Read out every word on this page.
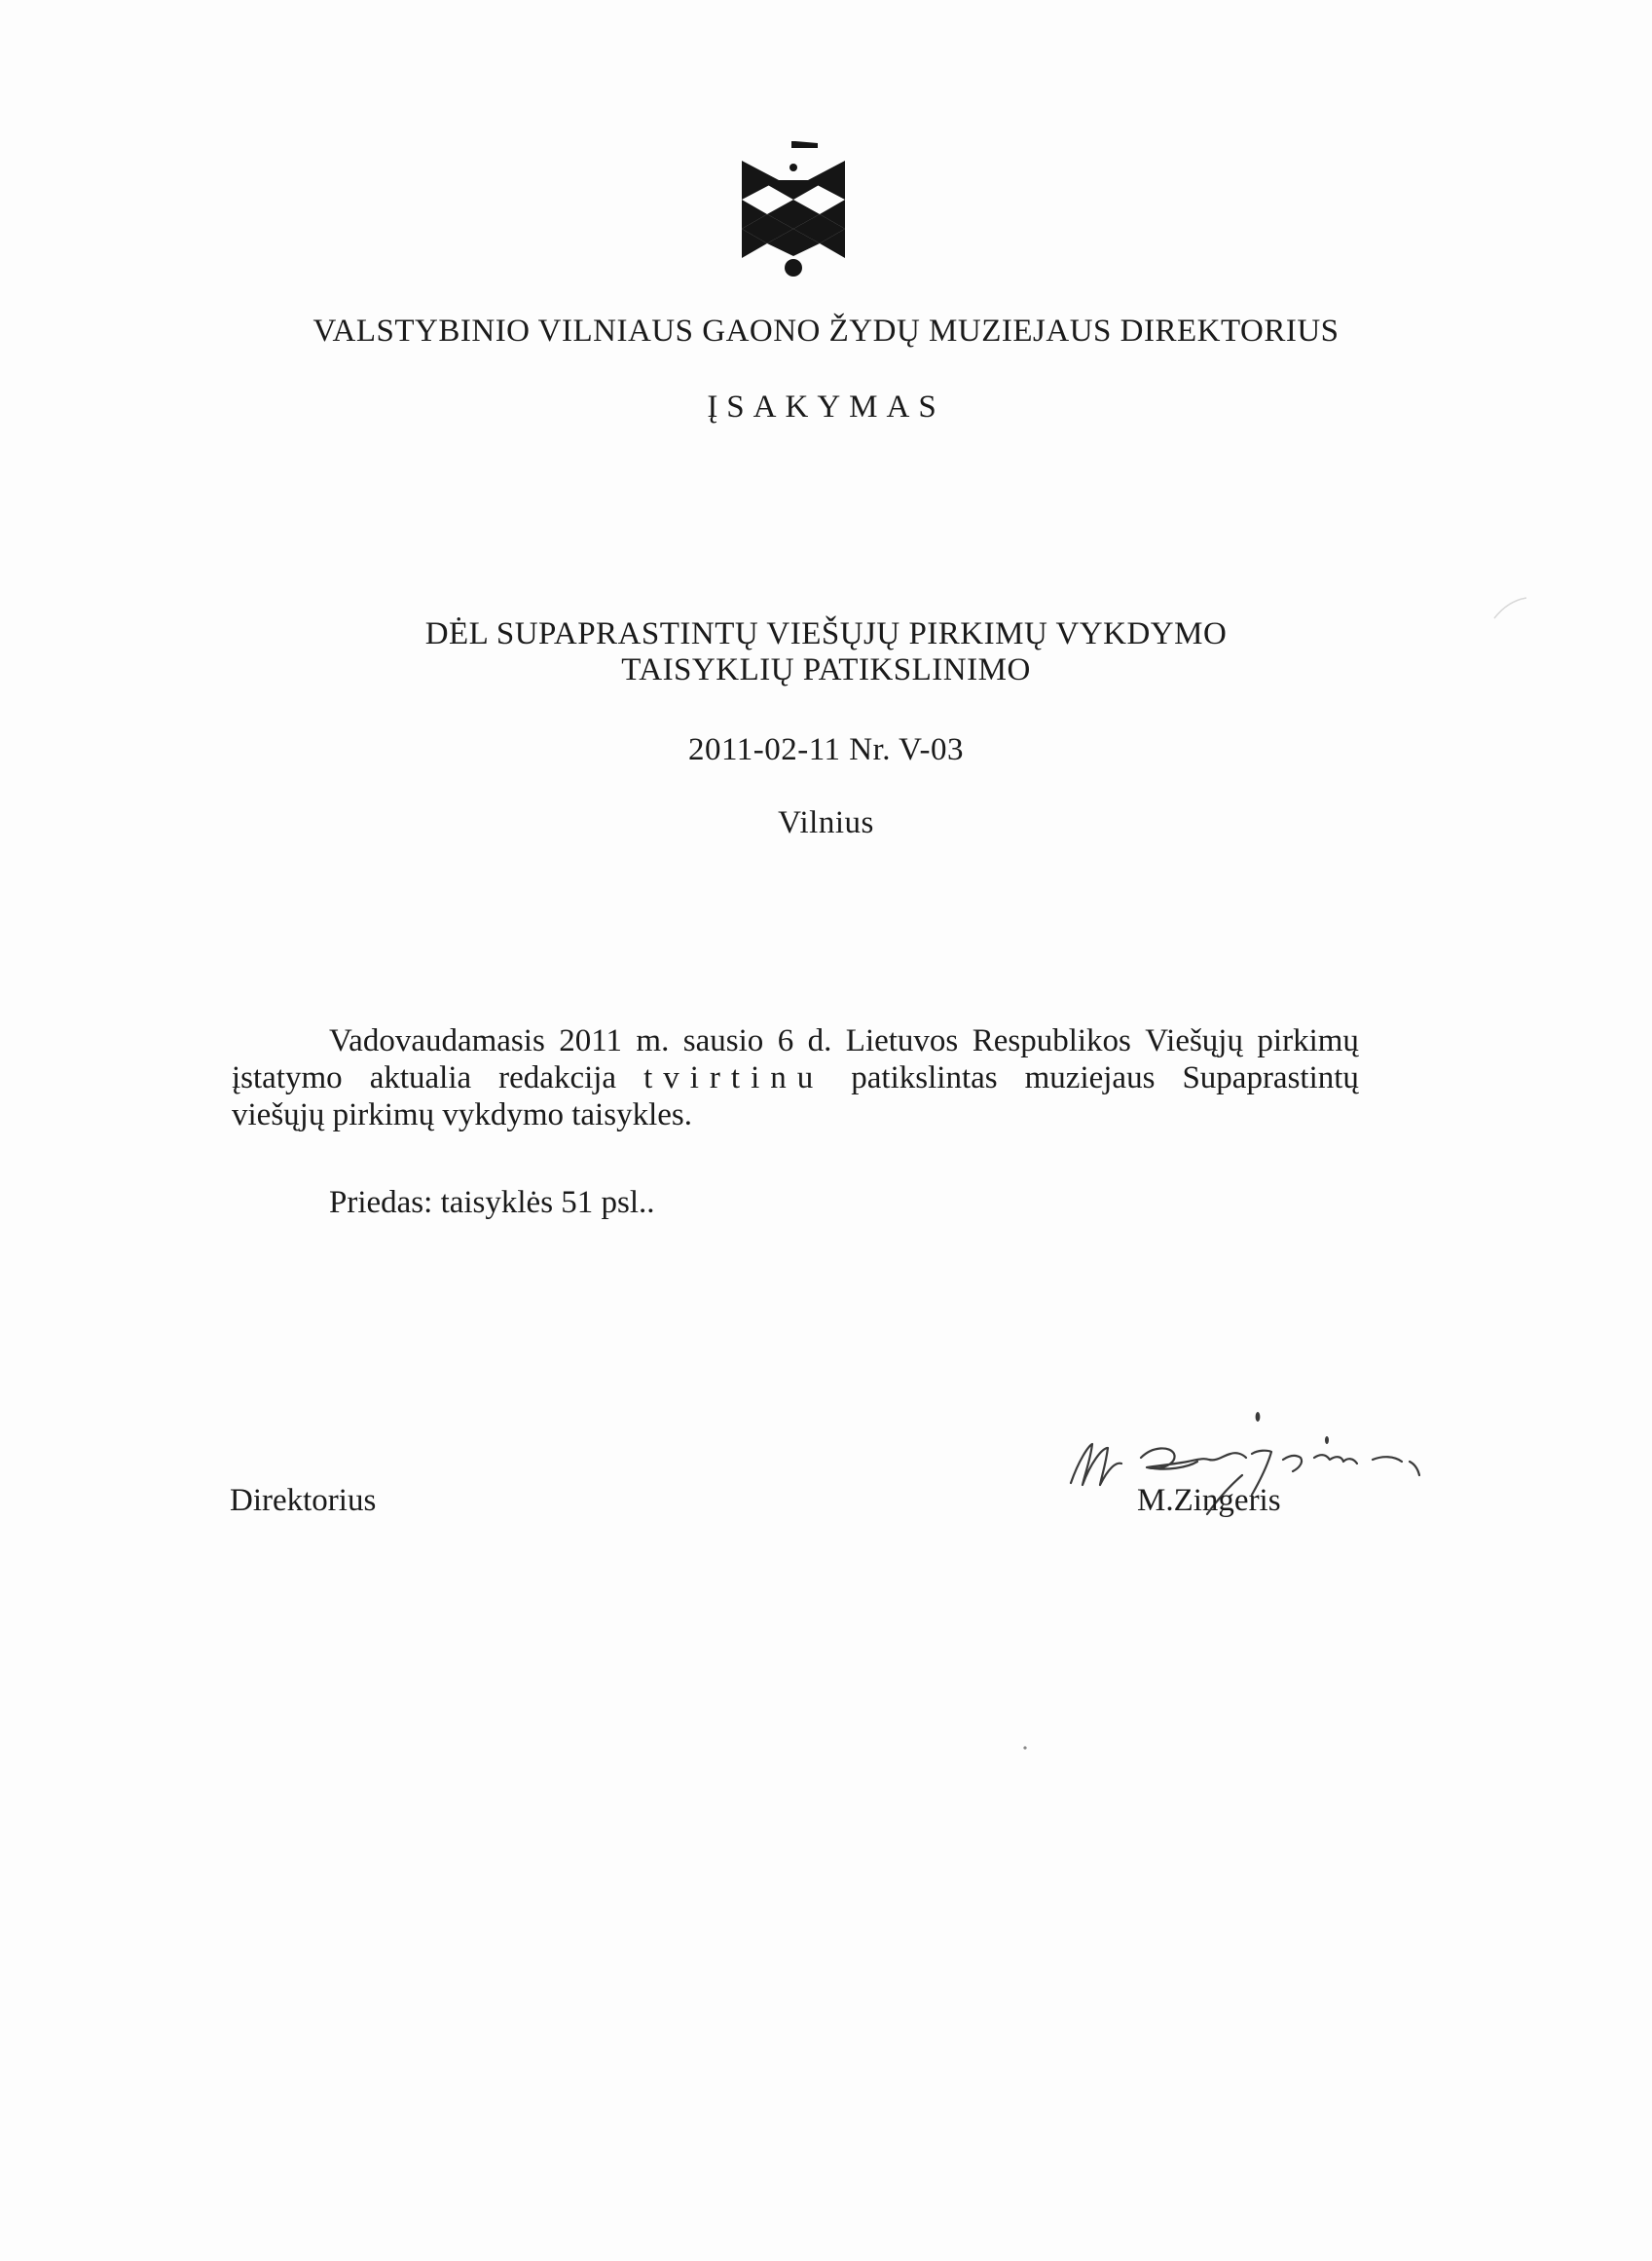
VALSTYBINIO VILNIAUS GAONO ŽYDŲ MUZIEJAUS DIREKTORIUS
ĮSAKYMAS
DĖL SUPAPRASTINTŲ VIEŠŲJŲ PIRKIMŲ VYKDYMO
TAISYKLIŲ PATIKSLINIMO
2011-02-11 Nr. V-03
Vilnius
Vadovaudamasis 2011 m. sausio 6 d. Lietuvos Respublikos Viešųjų pirkimų
įstatymo aktualia redakcija tvirtinu patikslintas muziejaus Supaprastintų
viešųjų pirkimų vykdymo taisykles.
Priedas: taisyklės 51 psl..
Direktorius	M.Zingeris
